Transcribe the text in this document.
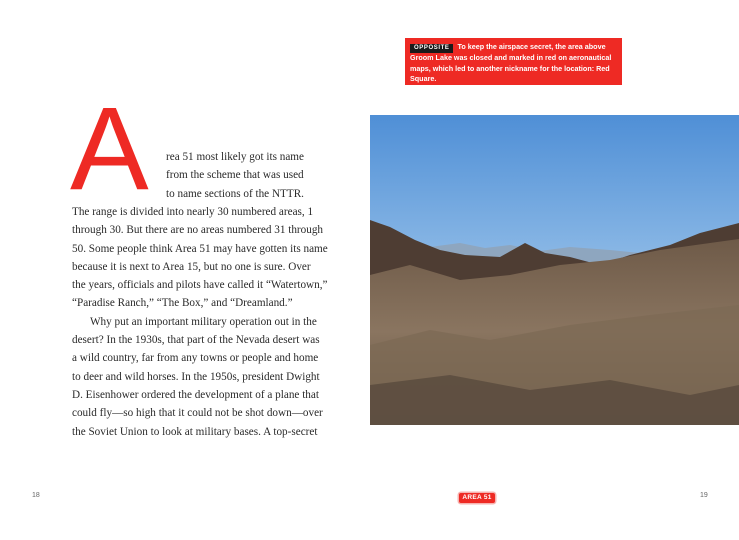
OPPOSITE To keep the airspace secret, the area above Groom Lake was closed and marked in red on aeronautical maps, which led to another nickname for the location: Red Square.
A	rea 51 most likely got its name
from the scheme that was used
to name sections of the NTTR.
The range is divided into nearly 30 numbered areas, 1
through 30. But there are no areas numbered 31 through
50. Some people think Area 51 may have gotten its name
because it is next to Area 15, but no one is sure. Over
the years, officials and pilots have called it “Watertown,”
“Paradise Ranch,” “The Box,” and “Dreamland.”
Why put an important military operation out in the
desert? In the 1930s, that part of the Nevada desert was
a wild country, far from any towns or people and home
to deer and wild horses. In the 1950s, president Dwight
D. Eisenhower ordered the development of a plane that
could fly—so high that it could not be shot down—over
the Soviet Union to look at military bases. A top-secret
18	AREA 51	19
